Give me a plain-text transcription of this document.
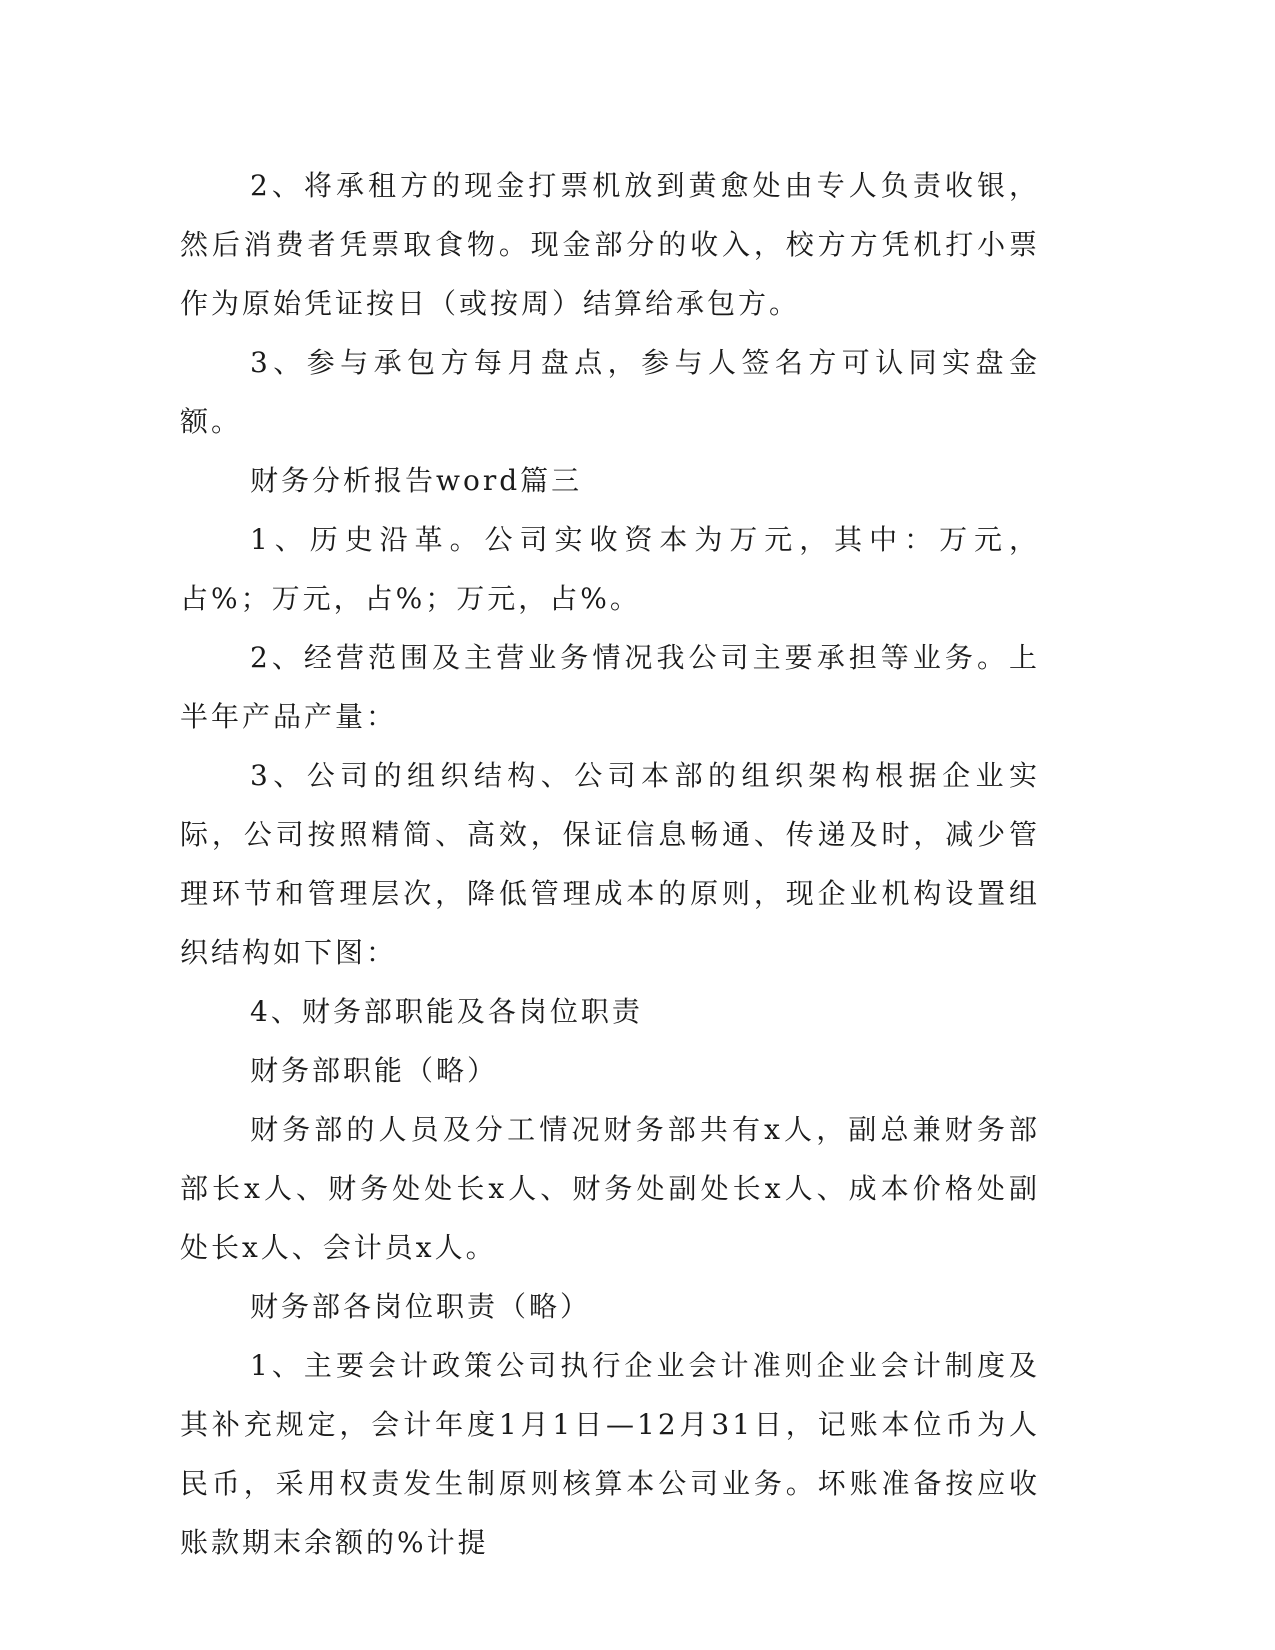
2、将承租方的现金打票机放到黄愈处由专人负责收银，然后消费者凭票取食物。现金部分的收入，校方方凭机打小票作为原始凭证按日（或按周）结算给承包方。

3、参与承包方每月盘点，参与人签名方可认同实盘金额。

财务分析报告word篇三

1、历史沿革。公司实收资本为万元，其中：万元，占%；万元，占%；万元，占%。

2、经营范围及主营业务情况我公司主要承担等业务。上半年产品产量：

3、公司的组织结构、公司本部的组织架构根据企业实际，公司按照精简、高效，保证信息畅通、传递及时，减少管理环节和管理层次，降低管理成本的原则，现企业机构设置组织结构如下图：

4、财务部职能及各岗位职责

财务部职能（略）

财务部的人员及分工情况财务部共有x人，副总兼财务部部长x人、财务处处长x人、财务处副处长x人、成本价格处副处长x人、会计员x人。

财务部各岗位职责（略）

1、主要会计政策公司执行企业会计准则企业会计制度及其补充规定，会计年度1月1日—12月31日，记账本位币为人民币，采用权责发生制原则核算本公司业务。坏账准备按应收账款期末余额的%计提
